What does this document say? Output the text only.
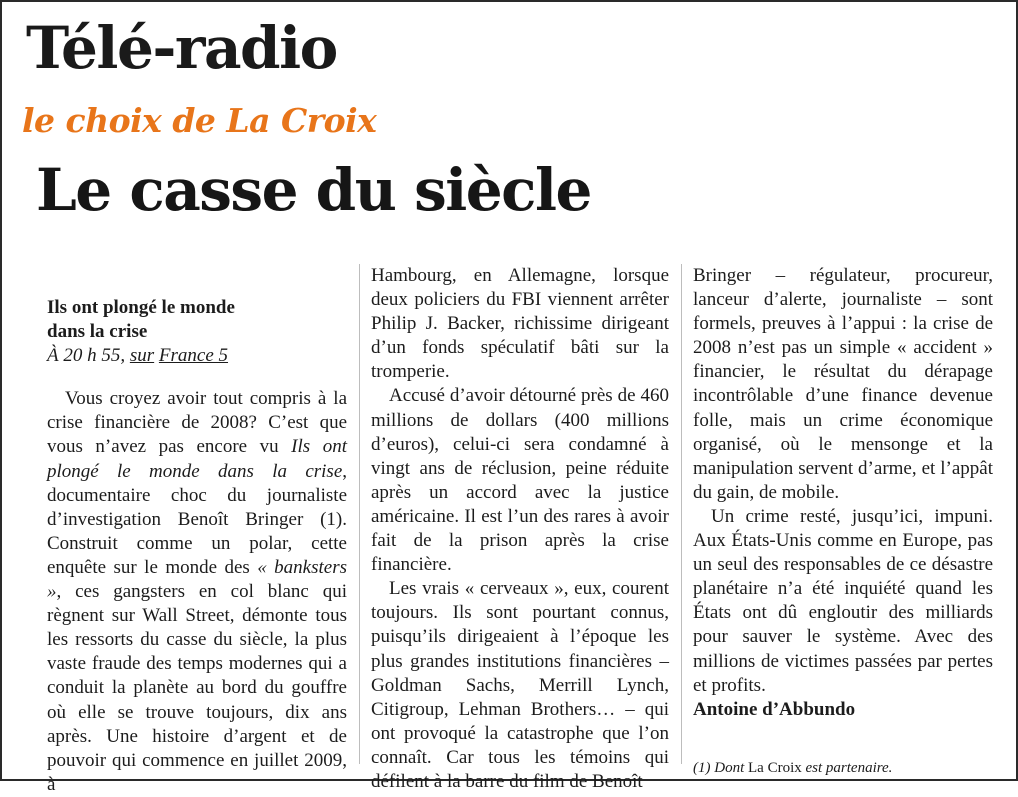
Télé-radio
le choix de La Croix
Le casse du siècle

Ils ont plongé le monde
dans la crise

À 20 h 55, sur France 5

Vous croyez avoir tout compris à la crise financière de 2008? C’est que vous n’avez pas encore vu Ils ont plongé le monde dans la crise, documentaire choc du journaliste d’investigation Benoît Bringer (1). Construit comme un polar, cette enquête sur le monde des « banksters », ces gangsters en col blanc qui règnent sur Wall Street, démonte tous les ressorts du casse du siècle, la plus vaste fraude des temps modernes qui a conduit la planète au bord du gouffre où elle se trouve toujours, dix ans après. Une histoire d’argent et de pouvoir qui commence en juillet 2009, à

Hambourg, en Allemagne, lorsque deux policiers du FBI viennent arrêter Philip J. Backer, richissime dirigeant d’un fonds spéculatif bâti sur la tromperie.

Accusé d’avoir détourné près de 460 millions de dollars (400 millions d’euros), celui-ci sera condamné à vingt ans de réclusion, peine réduite après un accord avec la justice américaine. Il est l’un des rares à avoir fait de la prison après la crise financière.

Les vrais « cerveaux », eux, courent toujours. Ils sont pourtant connus, puisqu’ils dirigeaient à l’époque les plus grandes institutions financières – Goldman Sachs, Merrill Lynch, Citigroup, Lehman Brothers… – qui ont provoqué la catastrophe que l’on connaît. Car tous les témoins qui défilent à la barre du film de Benoît

Bringer – régulateur, procureur, lanceur d’alerte, journaliste – sont formels, preuves à l’appui : la crise de 2008 n’est pas un simple « accident » financier, le résultat du dérapage incontrôlable d’une finance devenue folle, mais un crime économique organisé, où le mensonge et la manipulation servent d’arme, et l’appât du gain, de mobile.

Un crime resté, jusqu’ici, impuni. Aux États-Unis comme en Europe, pas un seul des responsables de ce désastre planétaire n’a été inquiété quand les États ont dû engloutir des milliards pour sauver le système. Avec des millions de victimes passées par pertes et profits.

Antoine d’Abbundo

(1) Dont La Croix est partenaire.
